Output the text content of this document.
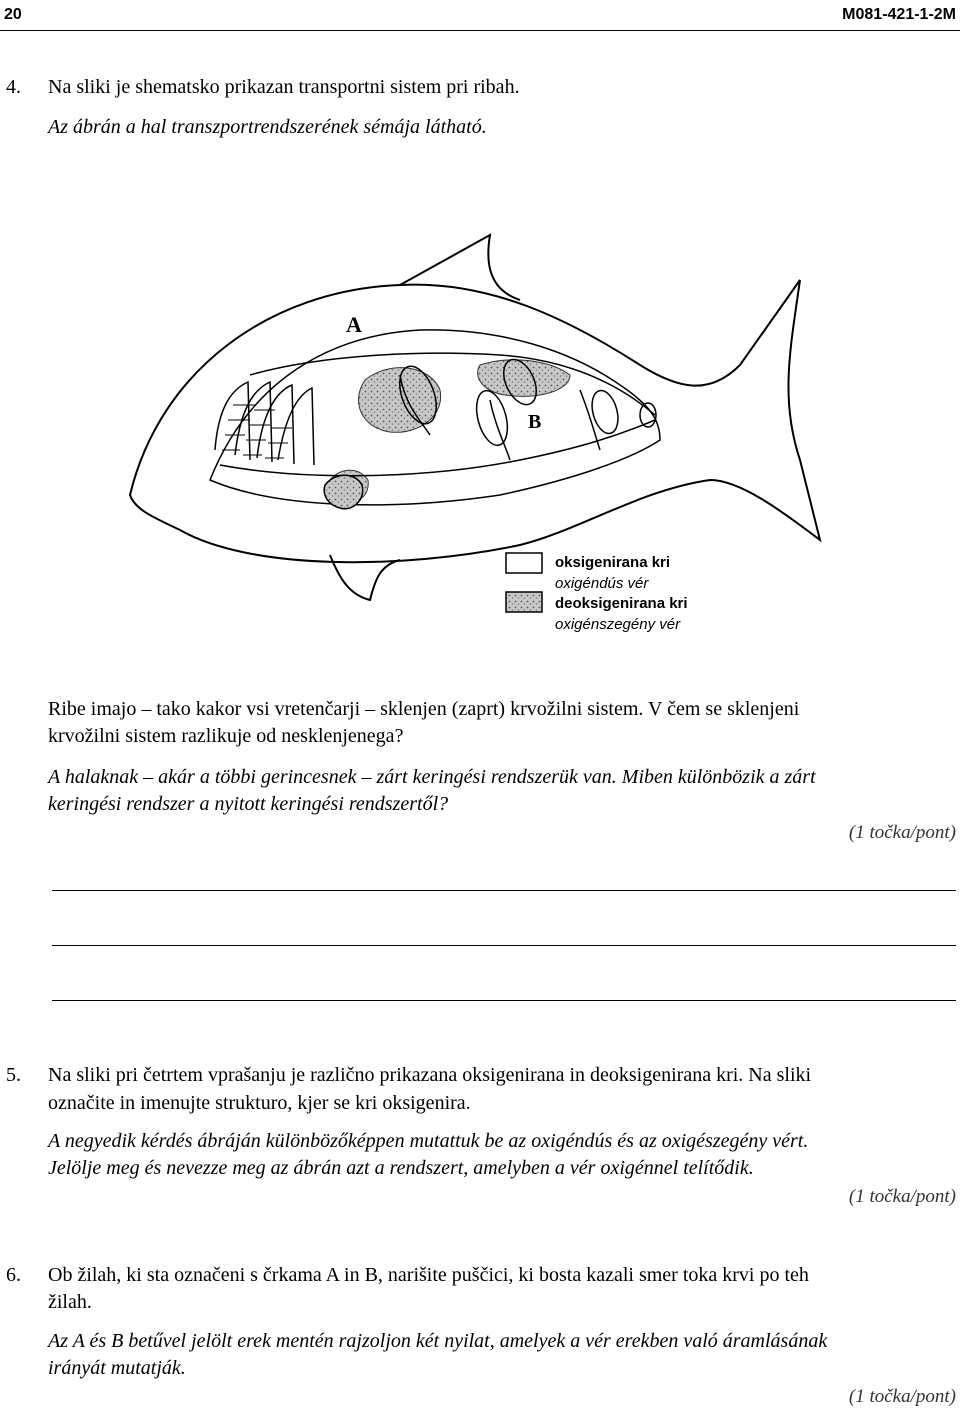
20	M081-421-1-2M
4. Na sliki je shematsko prikazan transportni sistem pri ribah.
Az ábrán a hal transzportrendszerének sémája látható.
A
B
oksigenirana kri
oxigéndús vér
deoksigenirana kri
oxigénszegény vér
Ribe imajo – tako kakor vsi vretenčarji – sklenjen (zaprt) krvožilni sistem. V čem se sklenjeni
krvožilni sistem razlikuje od nesklenjenega?
A halaknak – akár a többi gerincesnek – zárt keringési rendszerük van. Miben különbözik a zárt
keringési rendszer a nyitott keringési rendszertől?
(1 točka/pont)
5. Na sliki pri četrtem vprašanju je različno prikazana oksigenirana in deoksigenirana kri. Na sliki
označite in imenujte strukturo, kjer se kri oksigenira.
A negyedik kérdés ábráján különbözőképpen mutattuk be az oxigéndús és az oxigészegény vért.
Jelölje meg és nevezze meg az ábrán azt a rendszert, amelyben a vér oxigénnel telítődik.
(1 točka/pont)
6. Ob žilah, ki sta označeni s črkama A in B, narišite puščici, ki bosta kazali smer toka krvi po teh
žilah.
Az A és B betűvel jelölt erek mentén rajzoljon két nyilat, amelyek a vér erekben való áramlásának
irányát mutatják.
(1 točka/pont)
